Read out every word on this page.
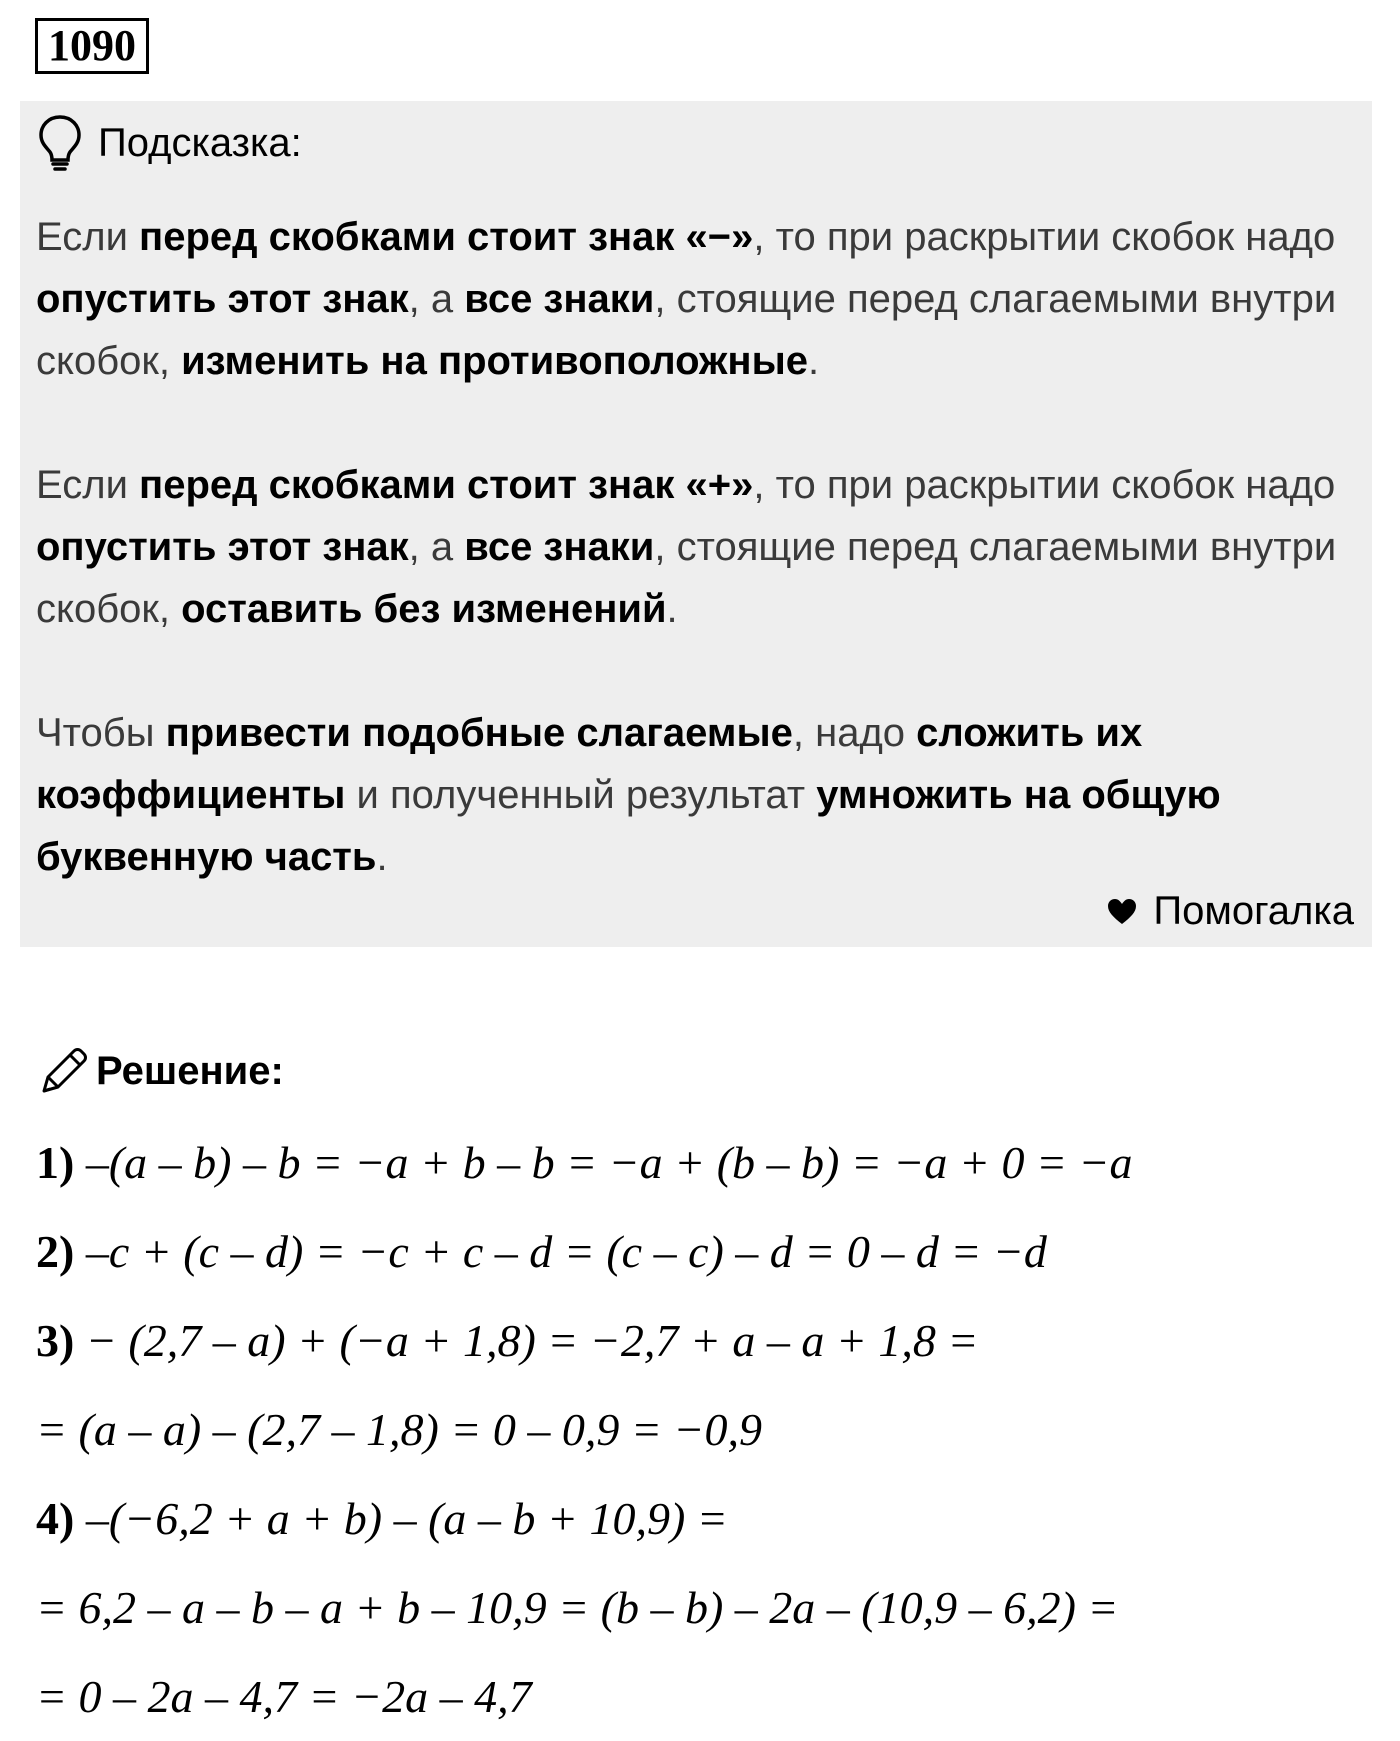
1090
Подсказка:
Если перед скобками стоит знак «−», то при раскрытии скобок надо опустить этот знак, а все знаки, стоящие перед слагаемыми внутри скобок, изменить на противоположные.
Если перед скобками стоит знак «+», то при раскрытии скобок надо опустить этот знак, а все знаки, стоящие перед слагаемыми внутри скобок, оставить без изменений.
Чтобы привести подобные слагаемые, надо сложить их коэффициенты и полученный результат умножить на общую буквенную часть.
Помогалка
Решение:
1) –(a – b) – b = −a + b – b = −a + (b – b) = −a + 0 = −a
2) –c + (c – d) = −c + c – d = (c – c) – d = 0 – d = −d
3) − (2,7 – a) + (−a + 1,8) = −2,7 + a – a + 1,8 =
= (a – a) – (2,7 – 1,8) = 0 – 0,9 = −0,9
4) –(−6,2 + a + b) – (a – b + 10,9) =
= 6,2 – a – b – a + b – 10,9 = (b – b) – 2a – (10,9 – 6,2) =
= 0 – 2a – 4,7 = −2a – 4,7
